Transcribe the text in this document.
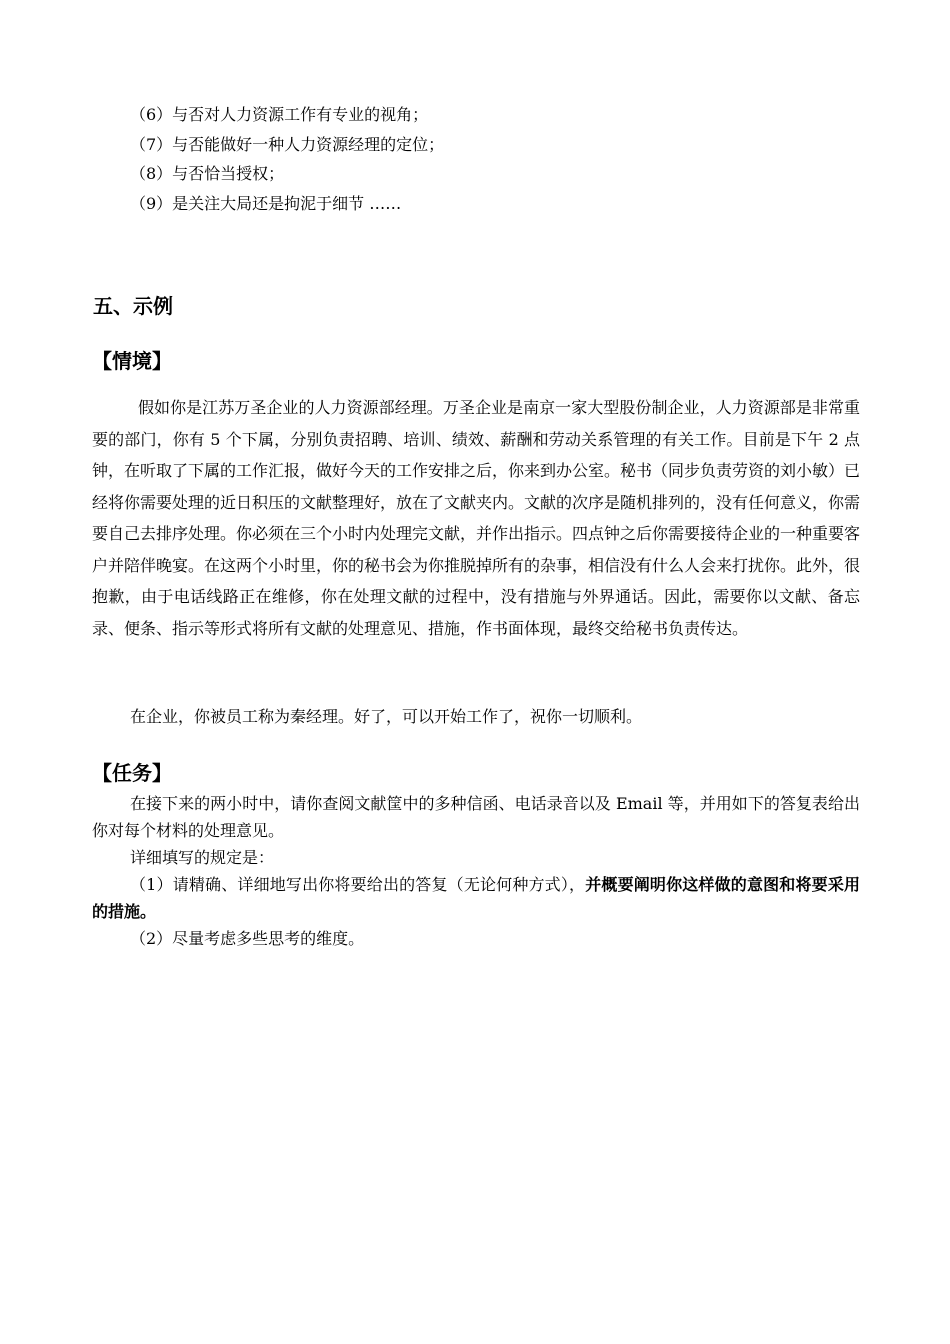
（6）与否对人力资源工作有专业的视角；
（7）与否能做好一种人力资源经理的定位；
（8）与否恰当授权；
（9）是关注大局还是拘泥于细节 ……
五、示例
【情境】

假如你是江苏万圣企业的人力资源部经理。万圣企业是南京一家大型股份制企业，人力资源部是非常重要的部门，你有 5 个下属，分别负责招聘、培训、绩效、薪酬和劳动关系管理的有关工作。目前是下午 2 点钟，在听取了下属的工作汇报，做好今天的工作安排之后，你来到办公室。秘书（同步负责劳资的刘小敏）已经将你需要处理的近日积压的文献整理好，放在了文献夹内。文献的次序是随机排列的，没有任何意义，你需要自己去排序处理。你必须在三个小时内处理完文献，并作出指示。四点钟之后你需要接待企业的一种重要客户并陪伴晚宴。在这两个小时里，你的秘书会为你推脱掉所有的杂事，相信没有什么人会来打扰你。此外，很抱歉，由于电话线路正在维修，你在处理文献的过程中，没有措施与外界通话。因此，需要你以文献、备忘录、便条、指示等形式将所有文献的处理意见、措施，作书面体现，最终交给秘书负责传达。

在企业，你被员工称为秦经理。好了，可以开始工作了，祝你一切顺利。

【任务】

在接下来的两小时中，请你查阅文献筐中的多种信函、电话录音以及 Email 等，并用如下的答复表给出你对每个材料的处理意见。

详细填写的规定是：

（1）请精确、详细地写出你将要给出的答复（无论何种方式），并概要阐明你这样做的意图和将要采用的措施。

（2）尽量考虑多些思考的维度。
